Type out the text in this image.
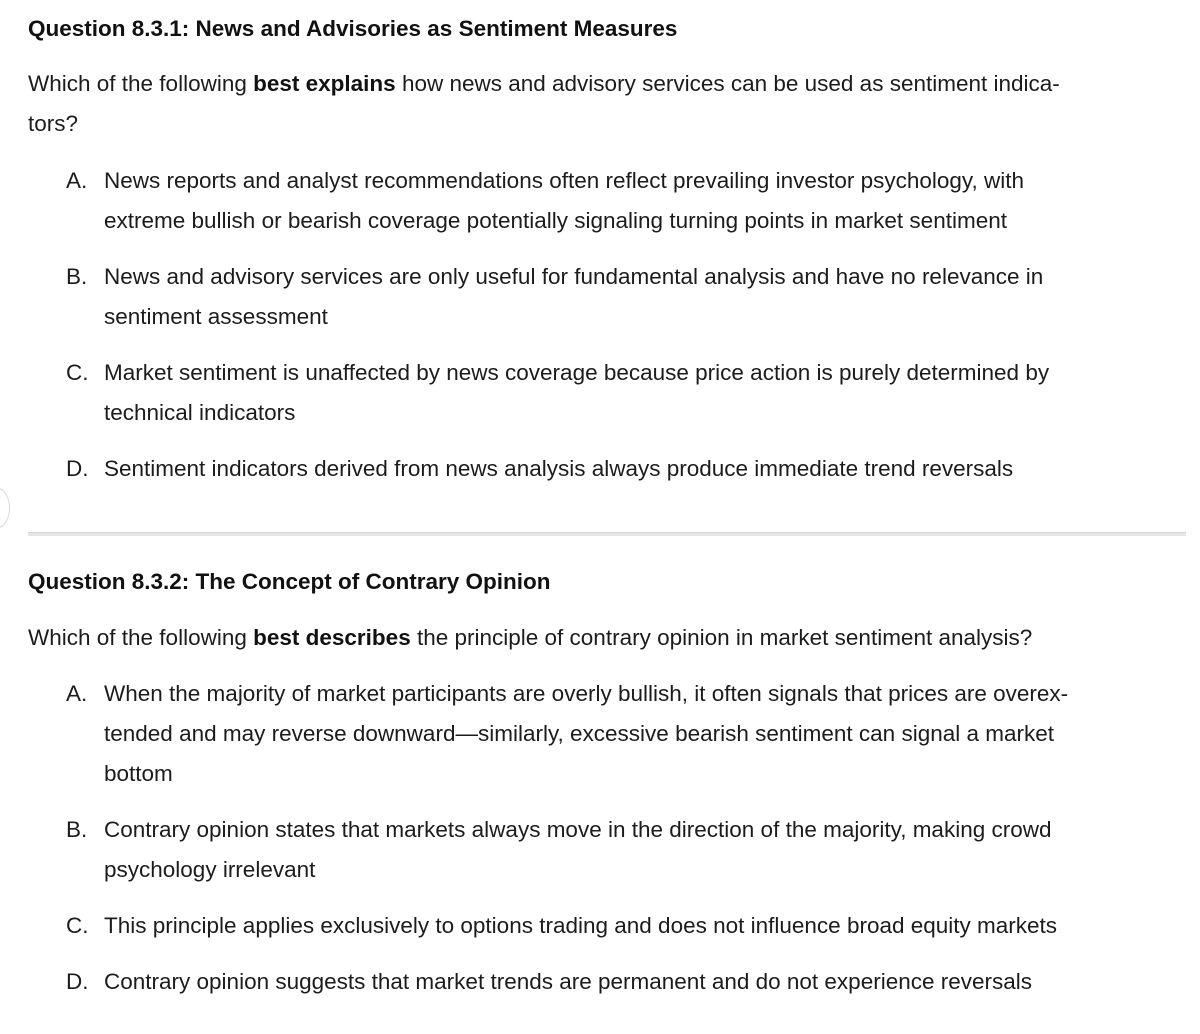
Question 8.3.1: News and Advisories as Sentiment Measures

Which of the following best explains how news and advisory services can be used as sentiment indica-
tors?

A. News reports and analyst recommendations often reflect prevailing investor psychology, with
extreme bullish or bearish coverage potentially signaling turning points in market sentiment
B. News and advisory services are only useful for fundamental analysis and have no relevance in
sentiment assessment
C. Market sentiment is unaffected by news coverage because price action is purely determined by
technical indicators
D. Sentiment indicators derived from news analysis always produce immediate trend reversals
Question 8.3.2: The Concept of Contrary Opinion

Which of the following best describes the principle of contrary opinion in market sentiment analysis?

A. When the majority of market participants are overly bullish, it often signals that prices are overex-
tended and may reverse downward—similarly, excessive bearish sentiment can signal a market
bottom
B. Contrary opinion states that markets always move in the direction of the majority, making crowd
psychology irrelevant
C. This principle applies exclusively to options trading and does not influence broad equity markets
D. Contrary opinion suggests that market trends are permanent and do not experience reversals
